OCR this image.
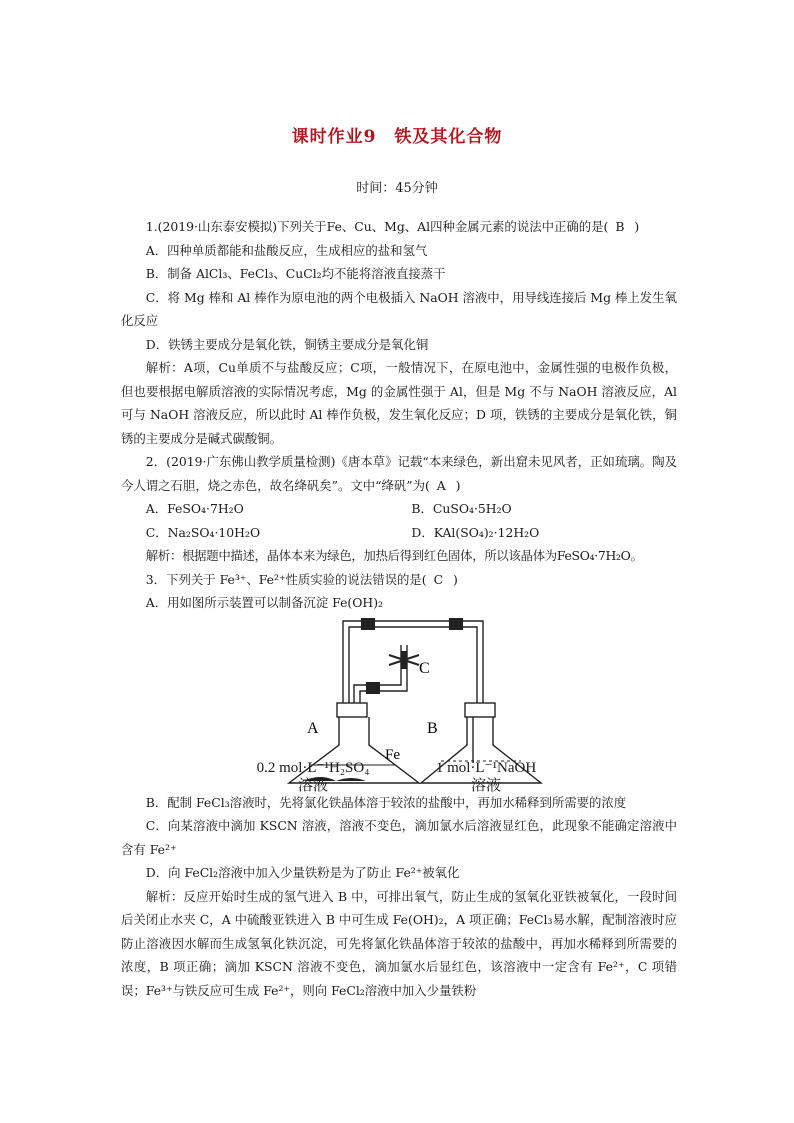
课时作业9　铁及其化合物
时间：45分钟

1.(2019·山东泰安模拟)下列关于Fe、Cu、Mg、Al四种金属元素的说法中正确的是( B )

A．四种单质都能和盐酸反应，生成相应的盐和氢气

B．制备 AlCl₃、FeCl₃、CuCl₂均不能将溶液直接蒸干

C．将 Mg 棒和 Al 棒作为原电池的两个电极插入 NaOH 溶液中，用导线连接后 Mg 棒上发生氧化反应

D．铁锈主要成分是氧化铁，铜锈主要成分是氧化铜

解析：A项，Cu单质不与盐酸反应；C项，一般情况下，在原电池中，金属性强的电极作负极，但也要根据电解质溶液的实际情况考虑，Mg 的金属性强于 Al，但是 Mg 不与 NaOH 溶液反应，Al 可与 NaOH 溶液反应，所以此时 Al 棒作负极，发生氧化反应；D 项，铁锈的主要成分是氧化铁，铜锈的主要成分是碱式碳酸铜。

2．(2019·广东佛山教学质量检测)《唐本草》记载“本来绿色，新出窟未见风者，正如琉璃。陶及今人谓之石胆，烧之赤色，故名绛矾矣”。文中“绛矾”为( A )

A．FeSO₄·7H₂O	B．CuSO₄·5H₂O
C．Na₂SO₄·10H₂O	D．KAl(SO₄)₂·12H₂O

解析：根据题中描述，晶体本来为绿色，加热后得到红色固体，所以该晶体为FeSO₄·7H₂O。

3．下列关于 Fe³⁺、Fe²⁺性质实验的说法错误的是( C )

A．用如图所示装置可以制备沉淀 Fe(OH)₂

A	B
C
Fe
0.2 mol·L⁻¹H₂SO₄
溶液
1 mol·L⁻¹NaOH
溶液

B．配制 FeCl₃溶液时，先将氯化铁晶体溶于较浓的盐酸中，再加水稀释到所需要的浓度

C．向某溶液中滴加 KSCN 溶液，溶液不变色，滴加氯水后溶液显红色，此现象不能确定溶液中含有 Fe²⁺

D．向 FeCl₂溶液中加入少量铁粉是为了防止 Fe²⁺被氧化

解析：反应开始时生成的氢气进入 B 中，可排出氧气，防止生成的氢氧化亚铁被氧化，一段时间后关闭止水夹 C，A 中硫酸亚铁进入 B 中可生成 Fe(OH)₂，A 项正确；FeCl₃易水解，配制溶液时应防止溶液因水解而生成氢氧化铁沉淀，可先将氯化铁晶体溶于较浓的盐酸中，再加水稀释到所需要的浓度，B 项正确；滴加 KSCN 溶液不变色，滴加氯水后显红色，该溶液中一定含有 Fe²⁺，C 项错误；Fe³⁺与铁反应可生成 Fe²⁺，则向 FeCl₂溶液中加入少量铁粉
